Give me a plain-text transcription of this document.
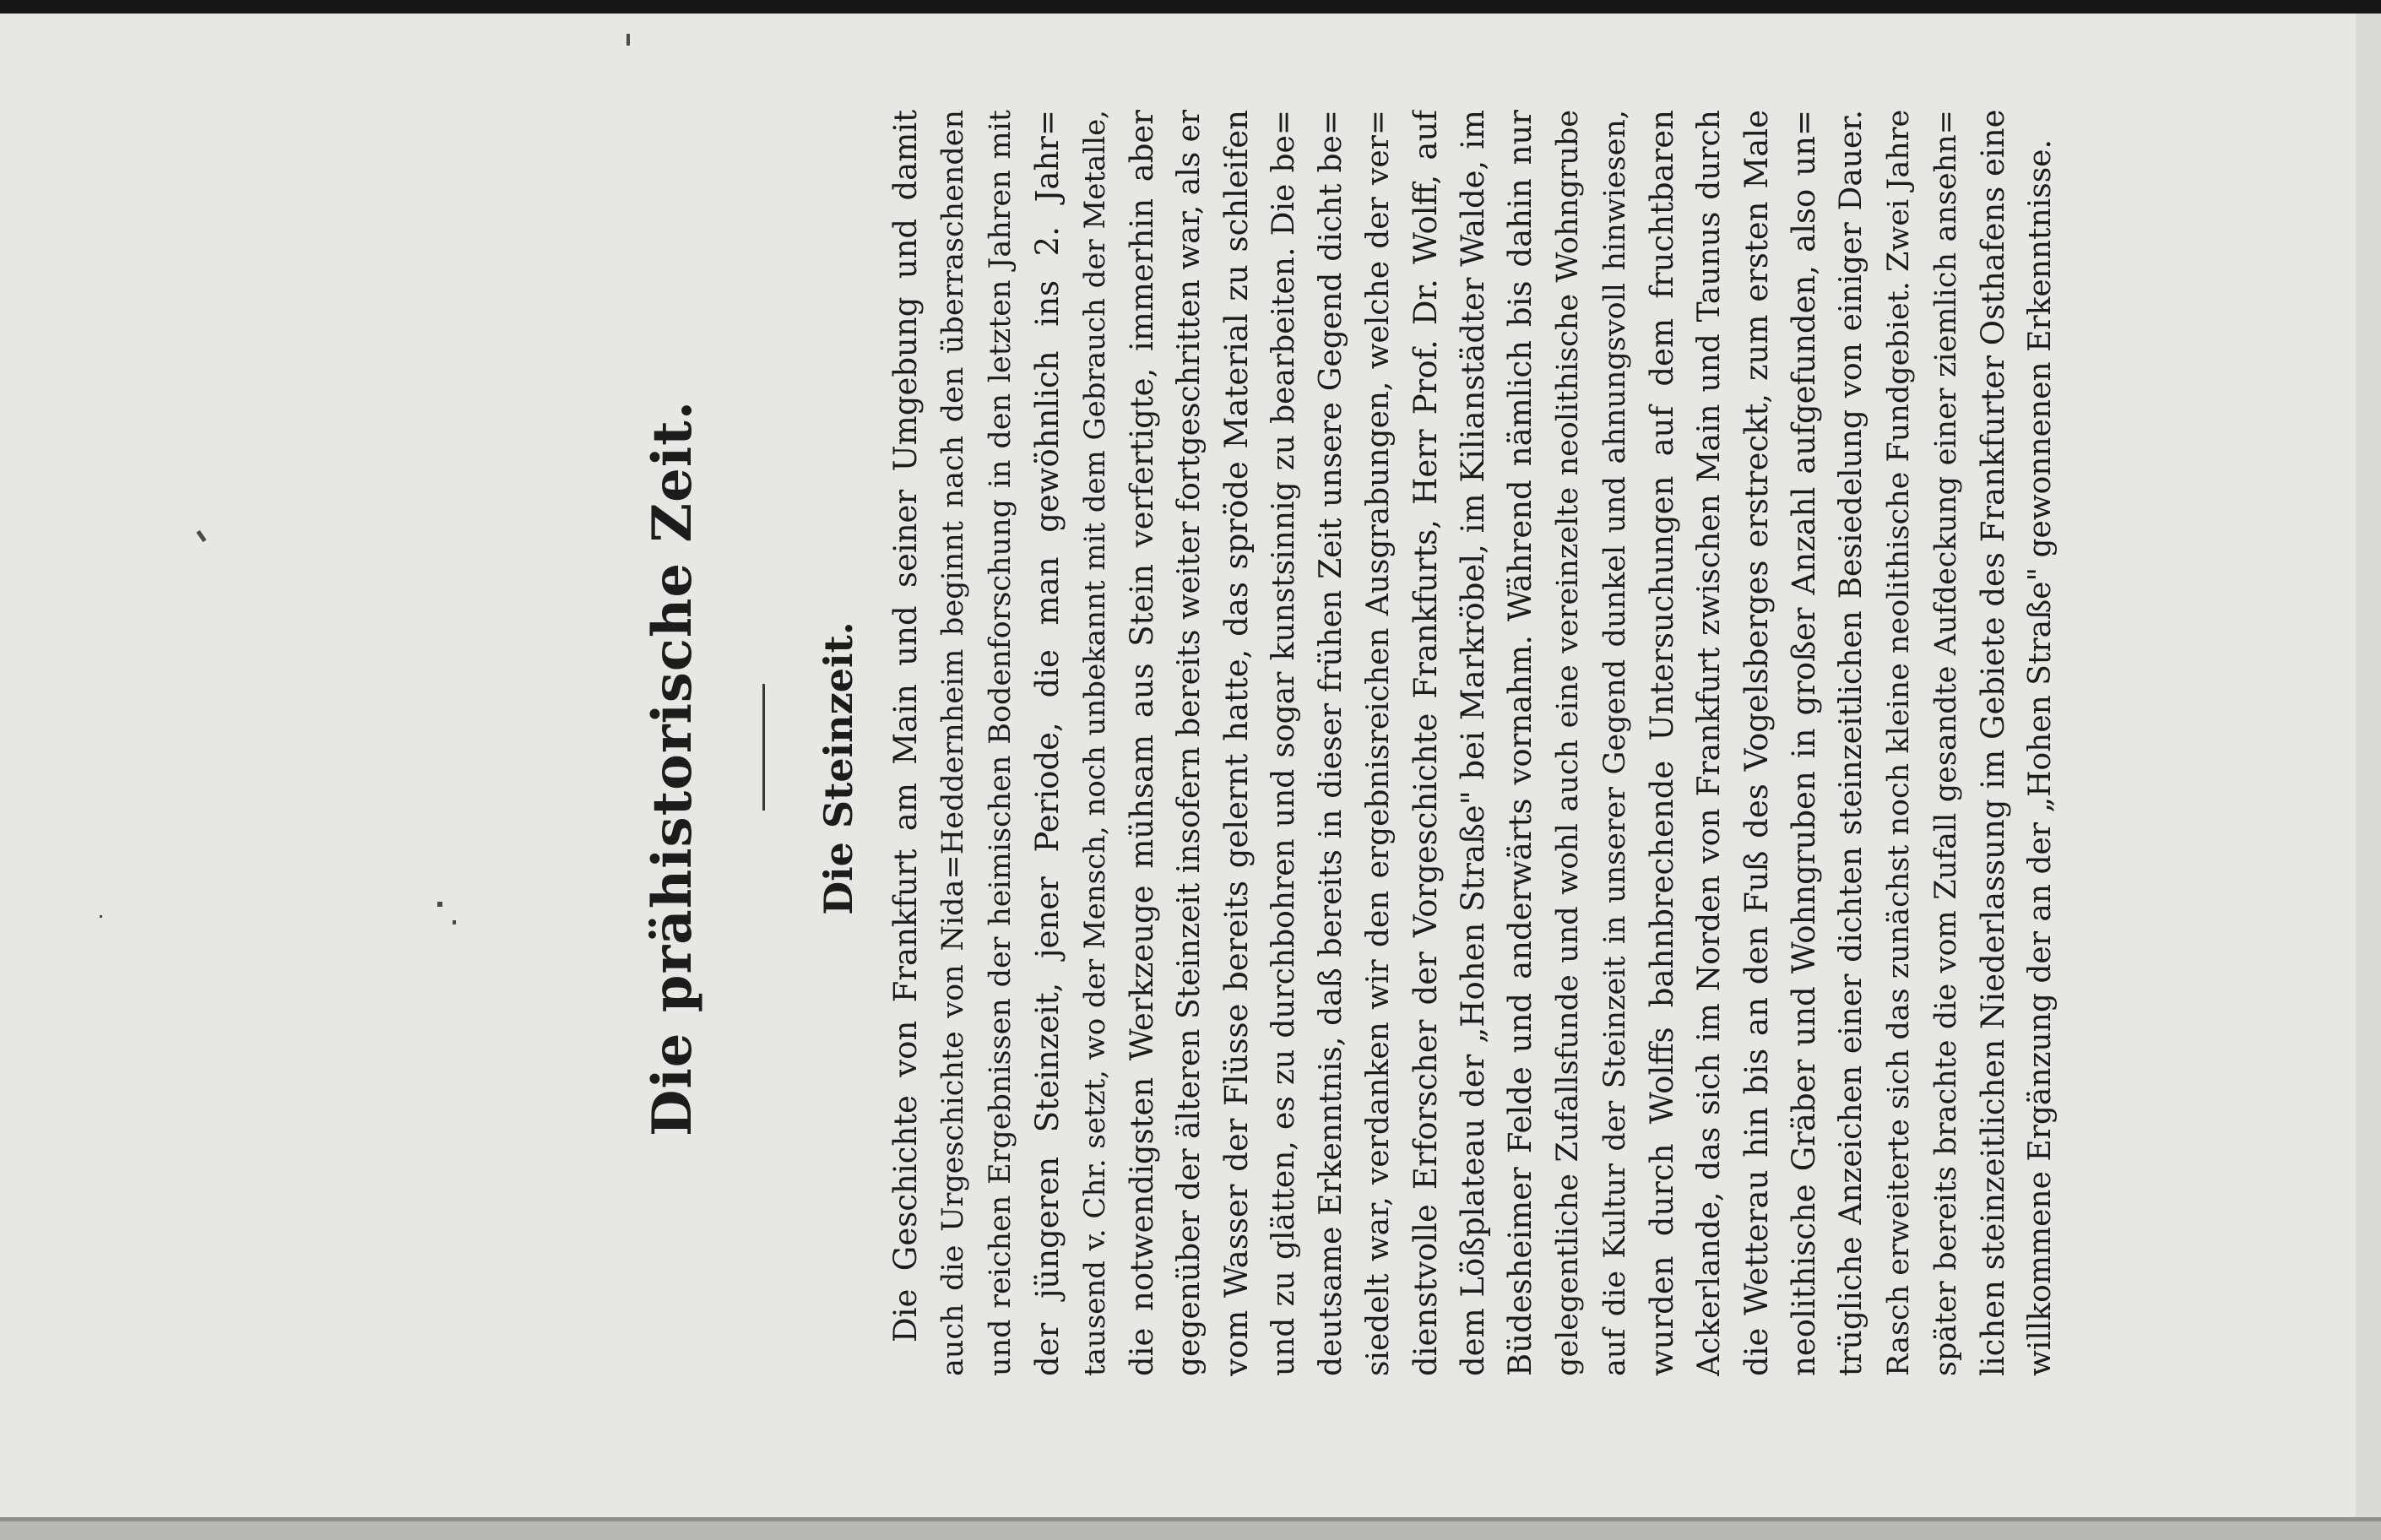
Die prähistorische Zeit.	Die Steinzeit. Die Geschichte von Frankfurt am Main und seiner Umgebung und damit auch die Urgeschichte von Nida=Heddernheim beginnt nach den überraschenden und reichen Ergebnissen der heimischen Bodenforschung in den letzten Jahren mit der jüngeren Steinzeit, jener Periode, die man gewöhnlich ins 2. Jahr= tausend v. Chr. setzt, wo der Mensch, noch unbekannt mit dem Gebrauch der Metalle, die notwendigsten Werkzeuge mühsam aus Stein verfertigte, immerhin aber gegenüber der älteren Steinzeit insofern bereits weiter fortgeschritten war, als er vom Wasser der Flüsse bereits gelernt hatte, das spröde Material zu schleifen und zu glätten, es zu durchbohren und sogar kunstsinnig zu bearbeiten. Die be= deutsame Erkenntnis, daß bereits in dieser frühen Zeit unsere Gegend dicht be= siedelt war, verdanken wir den ergebnisreichen Ausgrabungen, welche der ver= dienstvolle Erforscher der Vorgeschichte Frankfurts, Herr Prof. Dr. Wolff, auf dem Lößplateau der „Hohen Straße" bei Markröbel, im Kilianstädter Walde, im Büdesheimer Felde und anderwärts vornahm. Während nämlich bis dahin nur gelegentliche Zufallsfunde und wohl auch eine vereinzelte neolithische Wohngrube auf die Kultur der Steinzeit in unserer Gegend dunkel und ahnungsvoll hinwiesen, wurden durch Wolffs bahnbrechende Untersuchungen auf dem fruchtbaren Ackerlande, das sich im Norden von Frankfurt zwischen Main und Taunus durch die Wetterau hin bis an den Fuß des Vogelsberges erstreckt, zum ersten Male neolithische Gräber und Wohngruben in großer Anzahl aufgefunden, also un= trügliche Anzeichen einer dichten steinzeitlichen Besiedelung von einiger Dauer. Rasch erweiterte sich das zunächst noch kleine neolithische Fundgebiet. Zwei Jahre später bereits brachte die vom Zufall gesandte Aufdeckung einer ziemlich ansehn= lichen steinzeitlichen Niederlassung im Gebiete des Frankfurter Osthafens eine willkommene Ergänzung der an der „Hohen Straße" gewonnenen Erkenntnisse.
